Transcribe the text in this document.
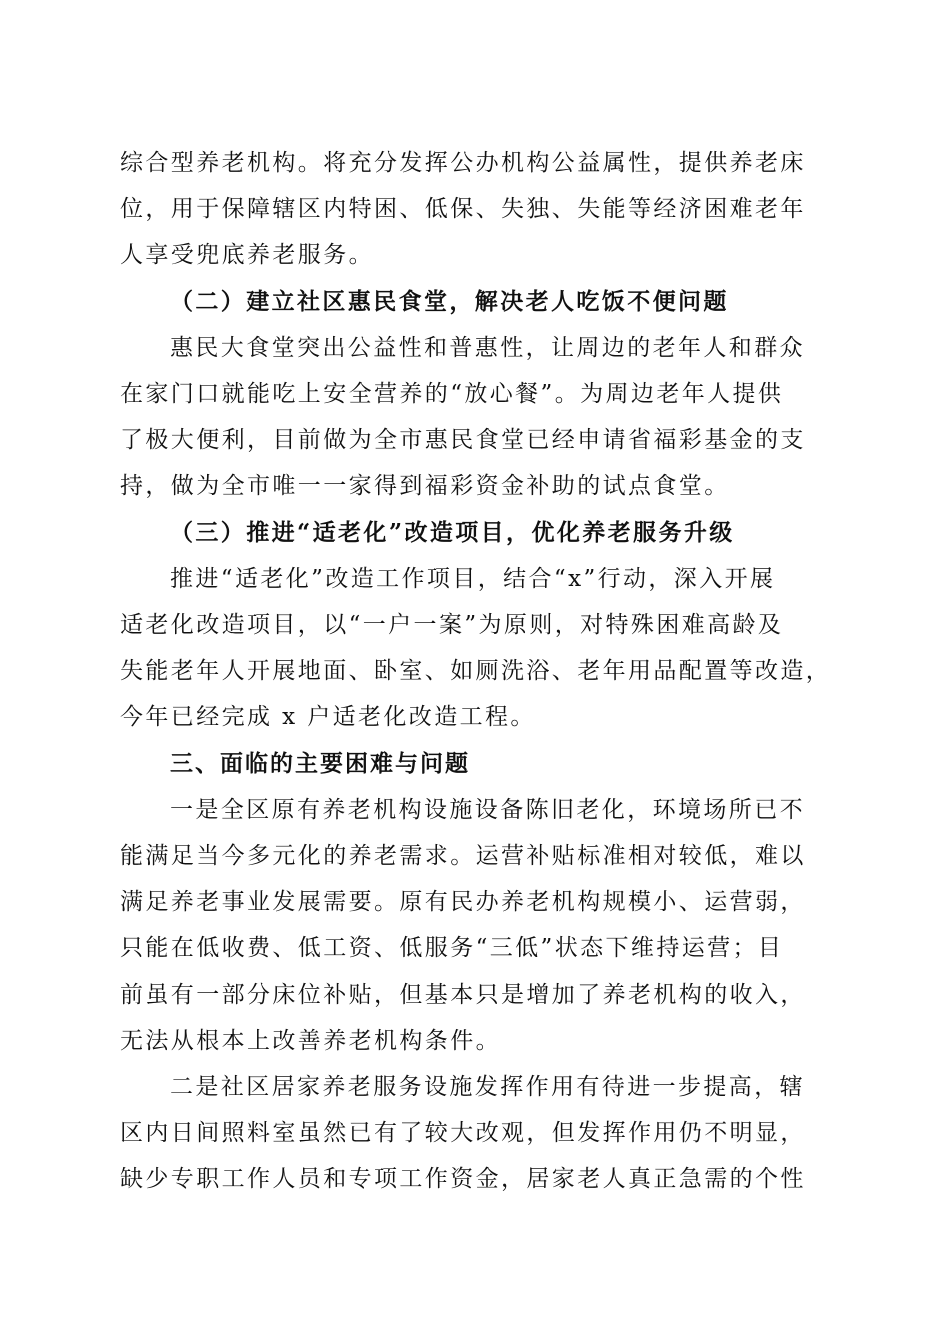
综合型养老机构。将充分发挥公办机构公益属性，提供养老床
位，用于保障辖区内特困、低保、失独、失能等经济困难老年
人享受兜底养老服务。

（二）建立社区惠民食堂，解决老人吃饭不便问题

惠民大食堂突出公益性和普惠性，让周边的老年人和群众
在家门口就能吃上安全营养的“放心餐”。为周边老年人提供
了极大便利，目前做为全市惠民食堂已经申请省福彩基金的支
持，做为全市唯一一家得到福彩资金补助的试点食堂。

（三）推进“适老化”改造项目，优化养老服务升级

推进“适老化”改造工作项目，结合“x”行动，深入开展
适老化改造项目，以“一户一案”为原则，对特殊困难高龄及
失能老年人开展地面、卧室、如厕洗浴、老年用品配置等改造，
今年已经完成 x 户适老化改造工程。

三、面临的主要困难与问题

一是全区原有养老机构设施设备陈旧老化，环境场所已不
能满足当今多元化的养老需求。运营补贴标准相对较低，难以
满足养老事业发展需要。原有民办养老机构规模小、运营弱，
只能在低收费、低工资、低服务“三低”状态下维持运营；目
前虽有一部分床位补贴，但基本只是增加了养老机构的收入，
无法从根本上改善养老机构条件。

二是社区居家养老服务设施发挥作用有待进一步提高，辖
区内日间照料室虽然已有了较大改观，但发挥作用仍不明显，
缺少专职工作人员和专项工作资金，居家老人真正急需的个性
